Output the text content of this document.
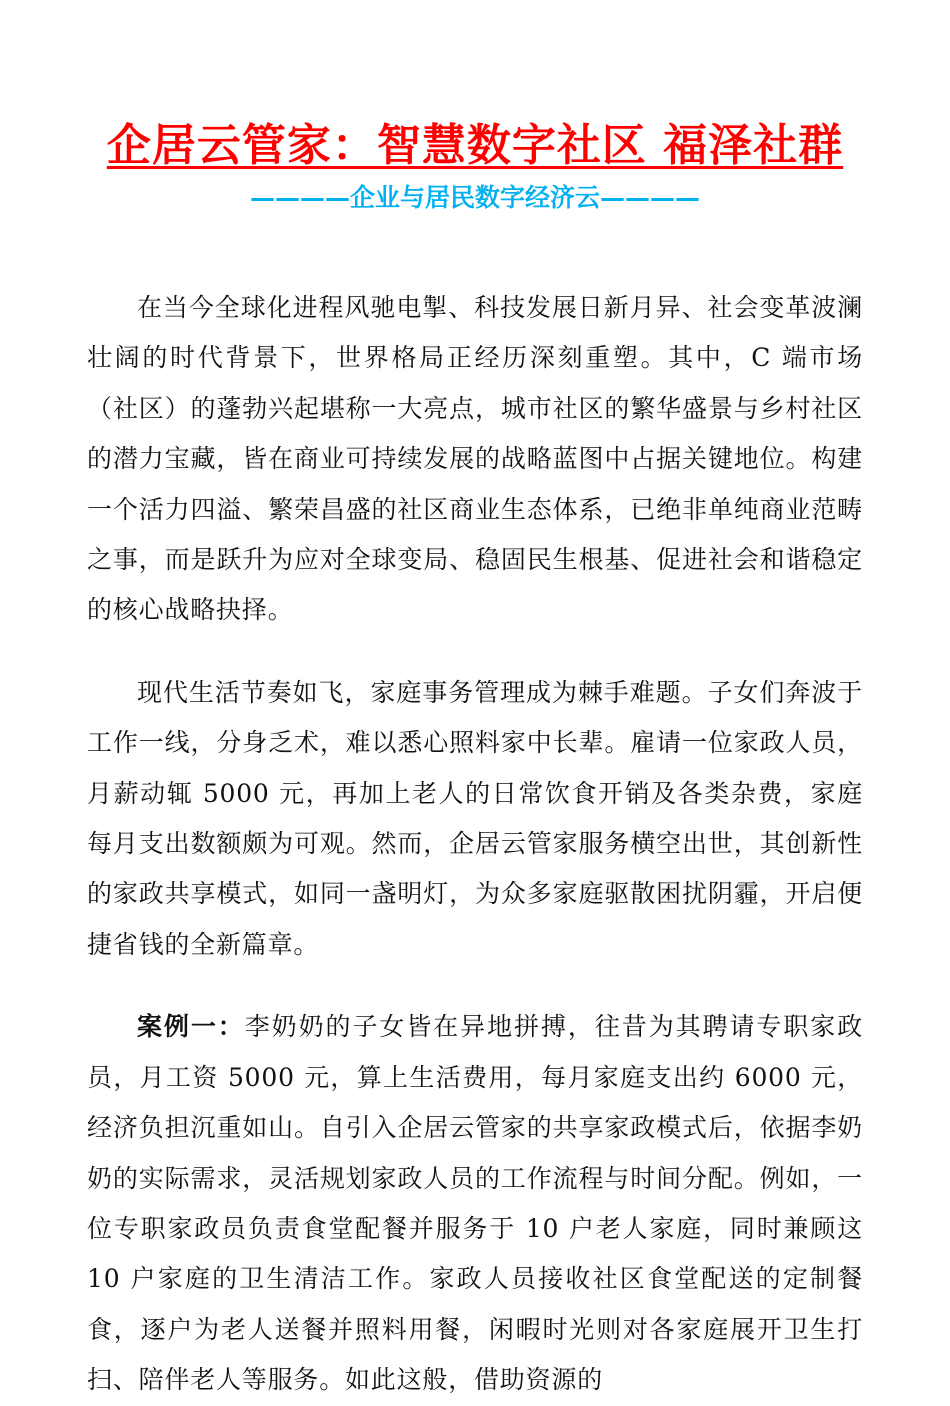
企居云管家：智慧数字社区 福泽社群
————企业与居民数字经济云————

在当今全球化进程风驰电掣、科技发展日新月异、社会变革波澜壮阔的时代背景下，世界格局正经历深刻重塑。其中，C 端市场（社区）的蓬勃兴起堪称一大亮点，城市社区的繁华盛景与乡村社区的潜力宝藏，皆在商业可持续发展的战略蓝图中占据关键地位。构建一个活力四溢、繁荣昌盛的社区商业生态体系，已绝非单纯商业范畴之事，而是跃升为应对全球变局、稳固民生根基、促进社会和谐稳定的核心战略抉择。

现代生活节奏如飞，家庭事务管理成为棘手难题。子女们奔波于工作一线，分身乏术，难以悉心照料家中长辈。雇请一位家政人员，月薪动辄 5000 元，再加上老人的日常饮食开销及各类杂费，家庭每月支出数额颇为可观。然而，企居云管家服务横空出世，其创新性的家政共享模式，如同一盏明灯，为众多家庭驱散困扰阴霾，开启便捷省钱的全新篇章。

案例一：李奶奶的子女皆在异地拼搏，往昔为其聘请专职家政员，月工资 5000 元，算上生活费用，每月家庭支出约 6000 元，经济负担沉重如山。自引入企居云管家的共享家政模式后，依据李奶奶的实际需求，灵活规划家政人员的工作流程与时间分配。例如，一位专职家政员负责食堂配餐并服务于 10 户老人家庭，同时兼顾这 10 户家庭的卫生清洁工作。家政人员接收社区食堂配送的定制餐食，逐户为老人送餐并照料用餐，闲暇时光则对各家庭展开卫生打扫、陪伴老人等服务。如此这般，借助资源的
